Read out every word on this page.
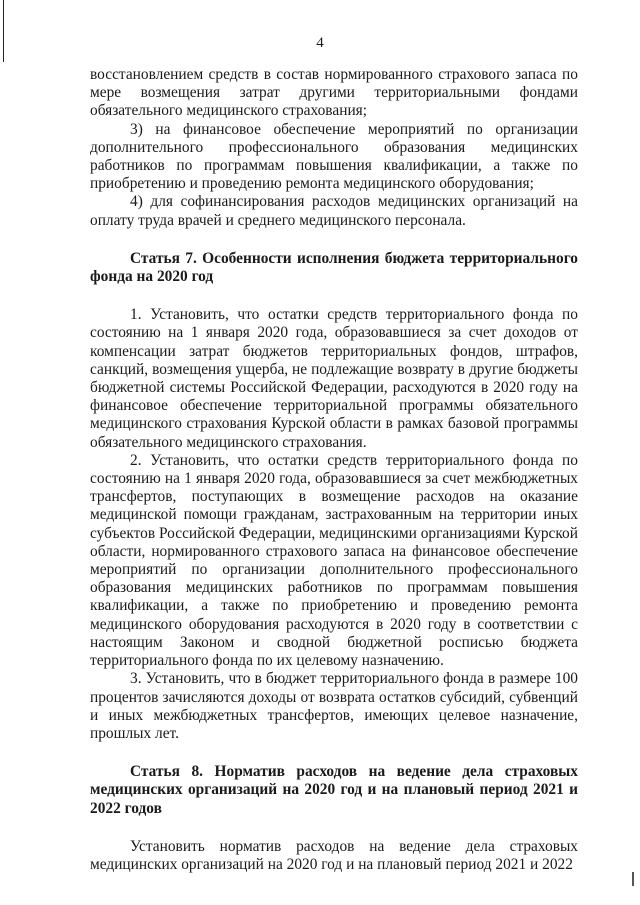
4

восстановлением средств в состав нормированного страхового запаса по мере возмещения затрат другими территориальными фондами обязательного медицинского страхования;

3) на финансовое обеспечение мероприятий по организации дополнительного профессионального образования медицинских работников по программам повышения квалификации, а также по приобретению и проведению ремонта медицинского оборудования;

4) для софинансирования расходов медицинских организаций на оплату труда врачей и среднего медицинского персонала.

Статья 7. Особенности исполнения бюджета территориального фонда на 2020 год

1. Установить, что остатки средств территориального фонда по состоянию на 1 января 2020 года, образовавшиеся за счет доходов от компенсации затрат бюджетов территориальных фондов, штрафов, санкций, возмещения ущерба, не подлежащие возврату в другие бюджеты бюджетной системы Российской Федерации, расходуются в 2020 году на финансовое обеспечение территориальной программы обязательного медицинского страхования Курской области в рамках базовой программы обязательного медицинского страхования.

2. Установить, что остатки средств территориального фонда по состоянию на 1 января 2020 года, образовавшиеся за счет межбюджетных трансфертов, поступающих в возмещение расходов на оказание медицинской помощи гражданам, застрахованным на территории иных субъектов Российской Федерации, медицинскими организациями Курской области, нормированного страхового запаса на финансовое обеспечение мероприятий по организации дополнительного профессионального образования медицинских работников по программам повышения квалификации, а также по приобретению и проведению ремонта медицинского оборудования расходуются в 2020 году в соответствии с настоящим Законом и сводной бюджетной росписью бюджета территориального фонда по их целевому назначению.

3. Установить, что в бюджет территориального фонда в размере 100 процентов зачисляются доходы от возврата остатков субсидий, субвенций и иных межбюджетных трансфертов, имеющих целевое назначение, прошлых лет.

Статья 8. Норматив расходов на ведение дела страховых медицинских организаций на 2020 год и на плановый период 2021 и 2022 годов

Установить норматив расходов на ведение дела страховых медицинских организаций на 2020 год и на плановый период 2021 и 2022
